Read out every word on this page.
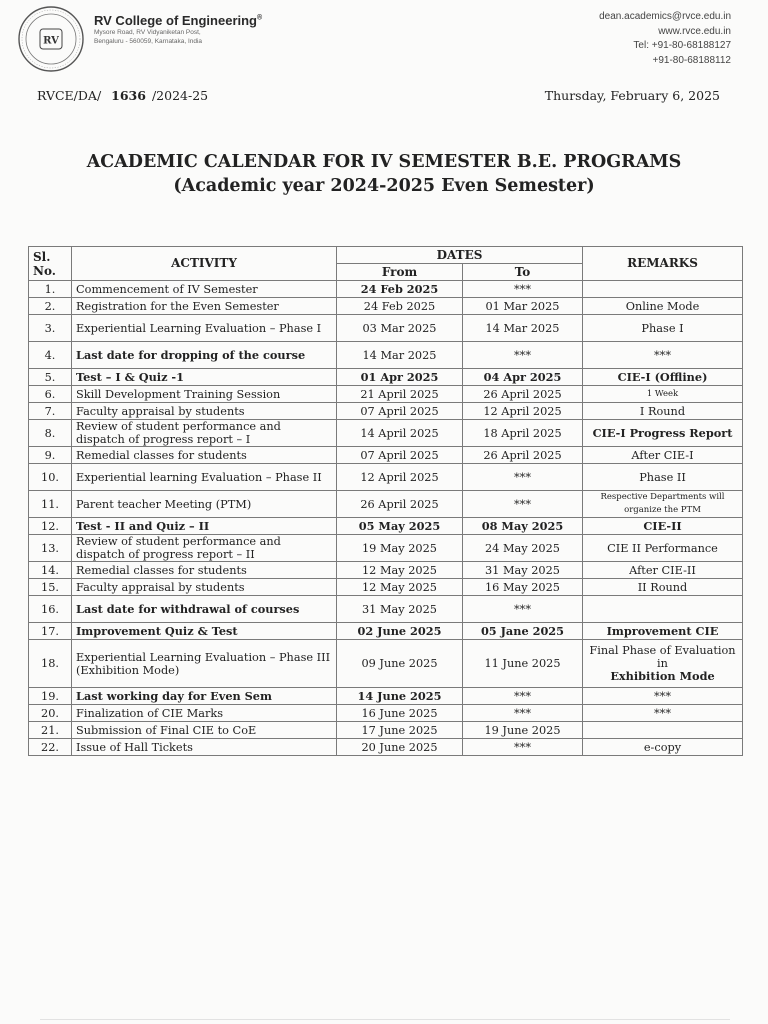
RV
RV College of Engineering®
Mysore Road, RV Vidyaniketan Post,
Bengaluru - 560059, Karnataka, India
dean.academics@rvce.edu.in
www.rvce.edu.in
Tel: +91-80-68188127
+91-80-68188112
RVCE/DA/ 1636 /2024-25	Thursday, February 6, 2025
ACADEMIC CALENDAR FOR IV SEMESTER B.E. PROGRAMS
(Academic year 2024-2025 Even Semester)
Sl.
No.	ACTIVITY	DATES		REMARKS
		From	To	
1.	Commencement of IV Semester	24 Feb 2025	***	
2.	Registration for the Even Semester	24 Feb 2025	01 Mar 2025	Online Mode
3.	Experiential Learning Evaluation – Phase I	03 Mar 2025	14 Mar 2025	Phase I
4.	Last date for dropping of the course	14 Mar 2025	***	***
5.	Test – I & Quiz -1	01 Apr 2025	04 Apr 2025	CIE-I (Offline)
6.	Skill Development Training Session	21 April 2025	26 April 2025	1 Week
7.	Faculty appraisal by students	07 April 2025	12 April 2025	I Round
8.	Review of student performance and dispatch of progress report – I	14 April 2025	18 April 2025	CIE-I Progress Report
9.	Remedial classes for students	07 April 2025	26 April 2025	After CIE-I
10.	Experiential learning Evaluation – Phase II	12 April 2025	***	Phase II
11.	Parent teacher Meeting (PTM)	26 April 2025	***	Respective Departments will organize the PTM
12.	Test - II and Quiz – II	05 May 2025	08 May 2025	CIE-II
13.	Review of student performance and dispatch of progress report – II	19 May 2025	24 May 2025	CIE II Performance
14.	Remedial classes for students	12 May 2025	31 May 2025	After CIE-II
15.	Faculty appraisal by students	12 May 2025	16 May 2025	II Round
16.	Last date for withdrawal of courses	31 May 2025	***	
17.	Improvement Quiz & Test	02 June 2025	05 Jane 2025	Improvement CIE
18.	Experiential Learning Evaluation – Phase III (Exhibition Mode)	09 June 2025	11 June 2025	Final Phase of Evaluation in
Exhibition Mode
19.	Last working day for Even Sem	14 June 2025	***	***
20.	Finalization of CIE Marks	16 June 2025	***	***
21.	Submission of Final CIE to CoE	17 June 2025	19 June 2025	
22.	Issue of Hall Tickets	20 June 2025	***	e-copy
